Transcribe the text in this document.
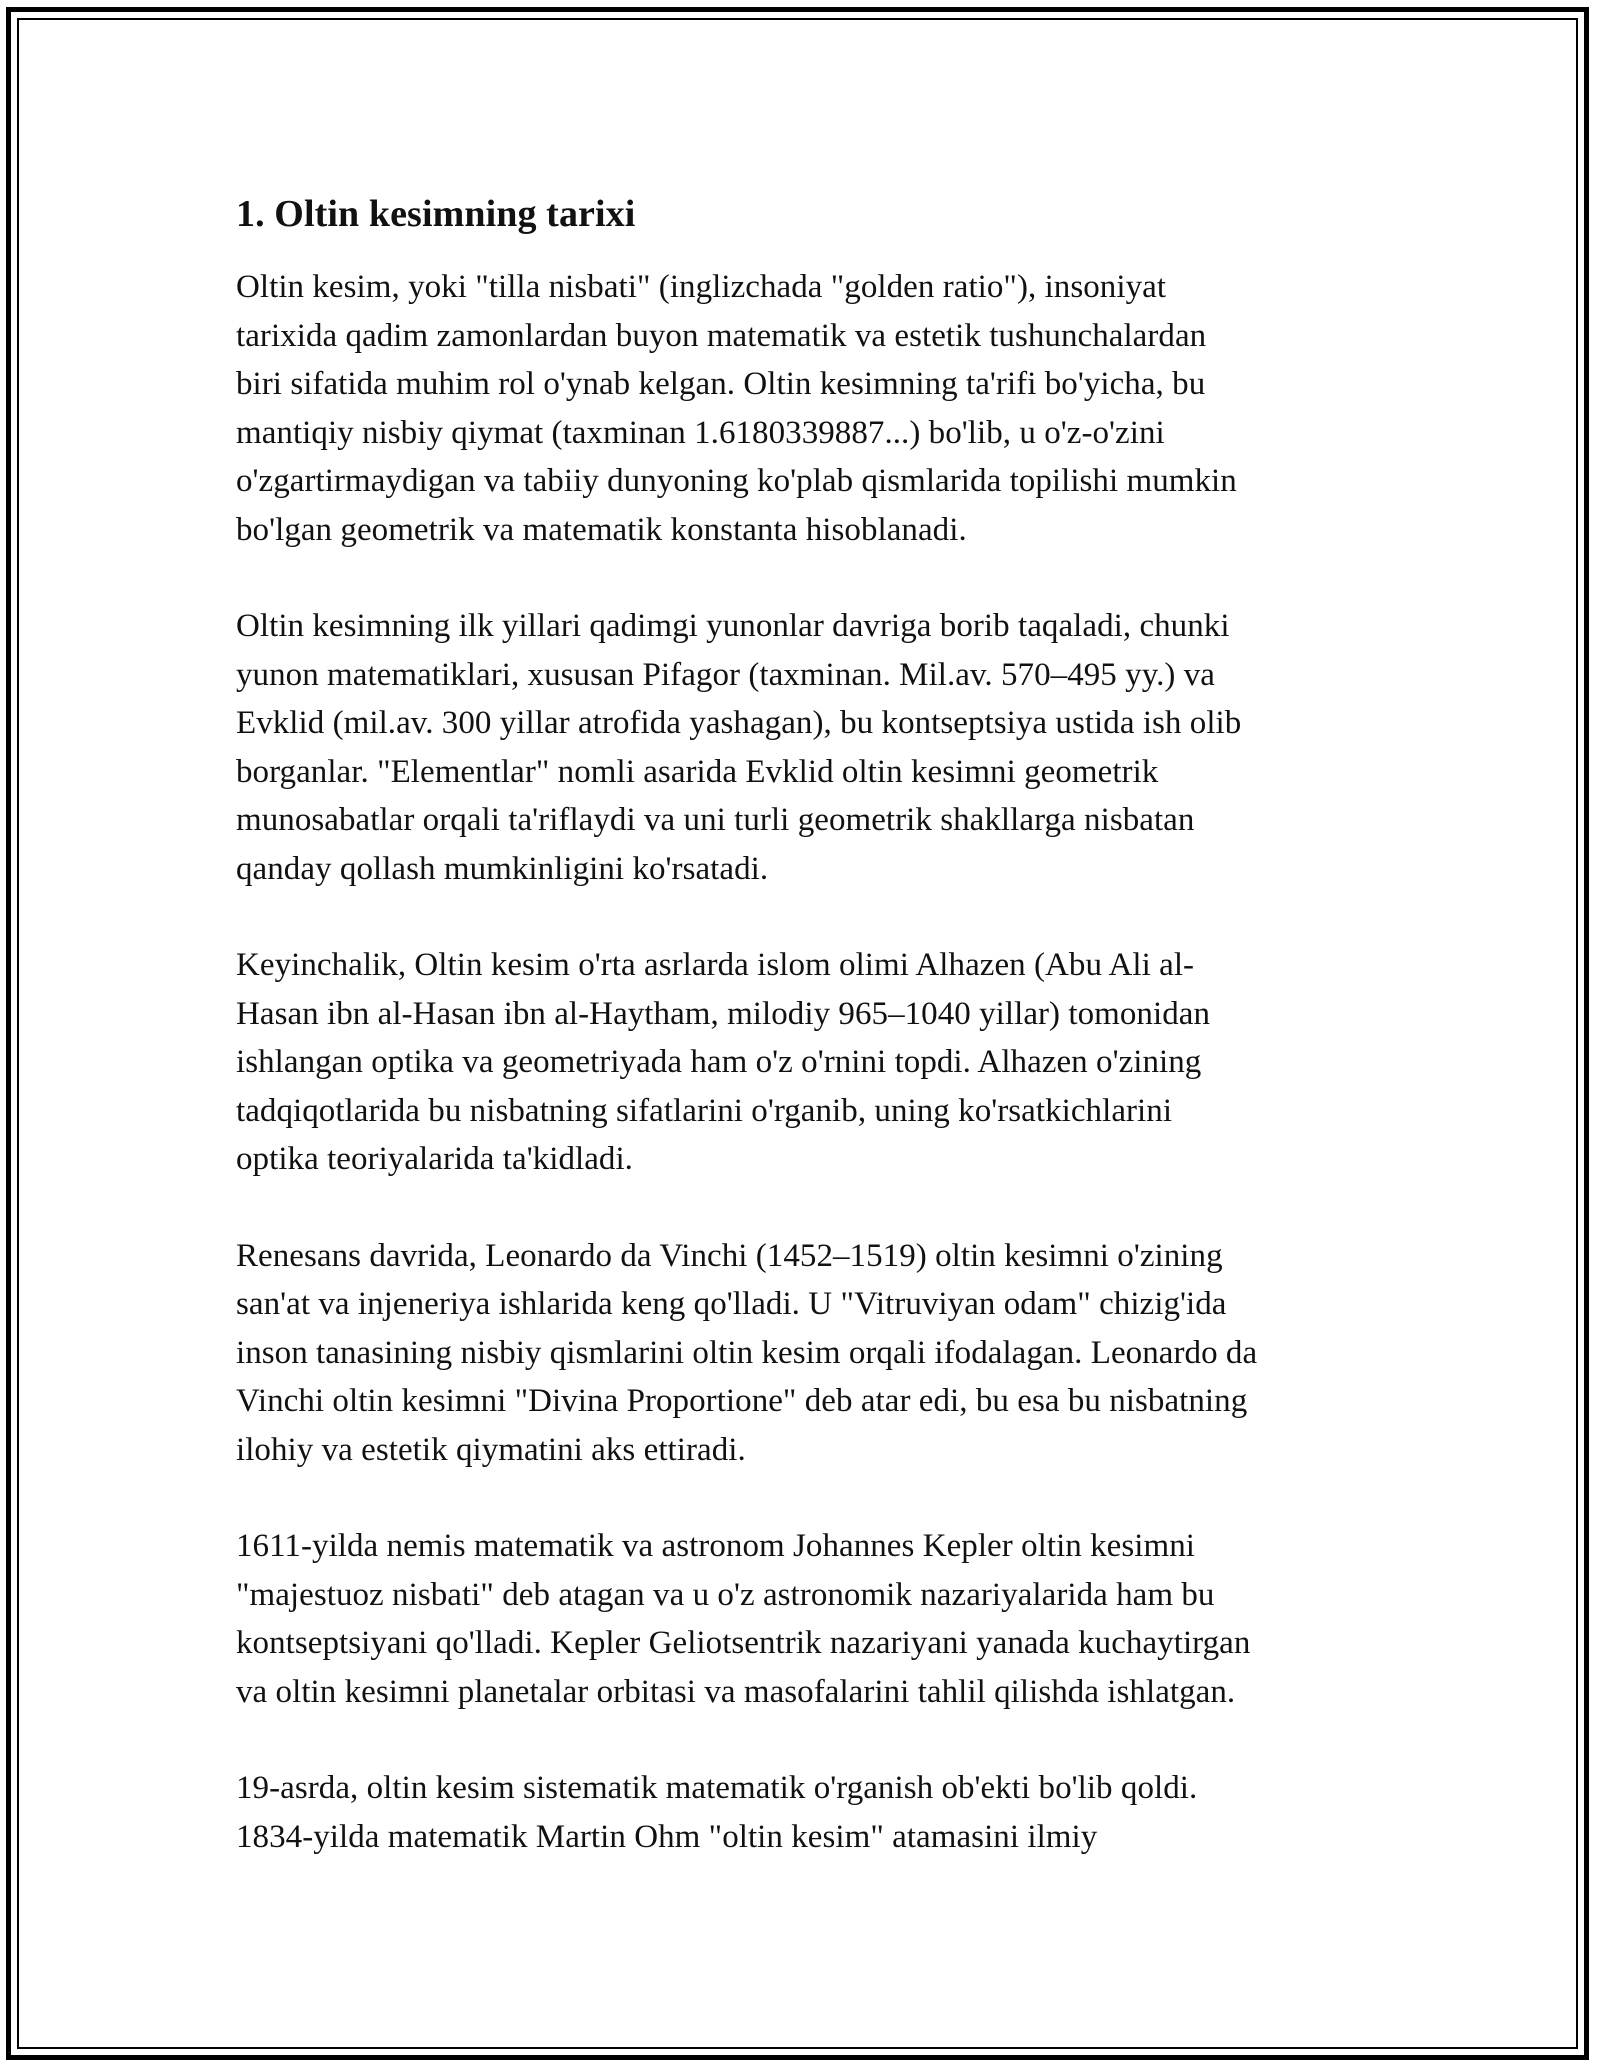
1. Oltin kesimning tarixi

Oltin kesim, yoki "tilla nisbati" (inglizchada "golden ratio"), insoniyat
tarixida qadim zamonlardan buyon matematik va estetik tushunchalardan
biri sifatida muhim rol o'ynab kelgan. Oltin kesimning ta'rifi bo'yicha, bu
mantiqiy nisbiy qiymat (taxminan 1.6180339887...) bo'lib, u o'z-o'zini
o'zgartirmaydigan va tabiiy dunyoning ko'plab qismlarida topilishi mumkin
bo'lgan geometrik va matematik konstanta hisoblanadi.

Oltin kesimning ilk yillari qadimgi yunonlar davriga borib taqaladi, chunki
yunon matematiklari, xususan Pifagor (taxminan. Mil.av. 570–495 yy.) va
Evklid (mil.av. 300 yillar atrofida yashagan), bu kontseptsiya ustida ish olib
borganlar. "Elementlar" nomli asarida Evklid oltin kesimni geometrik
munosabatlar orqali ta'riflaydi va uni turli geometrik shakllarga nisbatan
qanday qollash mumkinligini ko'rsatadi.

Keyinchalik, Oltin kesim o'rta asrlarda islom olimi Alhazen (Abu Ali al-
Hasan ibn al-Hasan ibn al-Haytham, milodiy 965–1040 yillar) tomonidan
ishlangan optika va geometriyada ham o'z o'rnini topdi. Alhazen o'zining
tadqiqotlarida bu nisbatning sifatlarini o'rganib, uning ko'rsatkichlarini
optika teoriyalarida ta'kidladi.

Renesans davrida, Leonardo da Vinchi (1452–1519) oltin kesimni o'zining
san'at va injeneriya ishlarida keng qo'lladi. U "Vitruviyan odam" chizig'ida
inson tanasining nisbiy qismlarini oltin kesim orqali ifodalagan. Leonardo da
Vinchi oltin kesimni "Divina Proportione" deb atar edi, bu esa bu nisbatning
ilohiy va estetik qiymatini aks ettiradi.

1611-yilda nemis matematik va astronom Johannes Kepler oltin kesimni
"majestuoz nisbati" deb atagan va u o'z astronomik nazariyalarida ham bu
kontseptsiyani qo'lladi. Kepler Geliotsentrik nazariyani yanada kuchaytirgan
va oltin kesimni planetalar orbitasi va masofalarini tahlil qilishda ishlatgan.

19-asrda, oltin kesim sistematik matematik o'rganish ob'ekti bo'lib qoldi.
1834-yilda matematik Martin Ohm "oltin kesim" atamasini ilmiy
